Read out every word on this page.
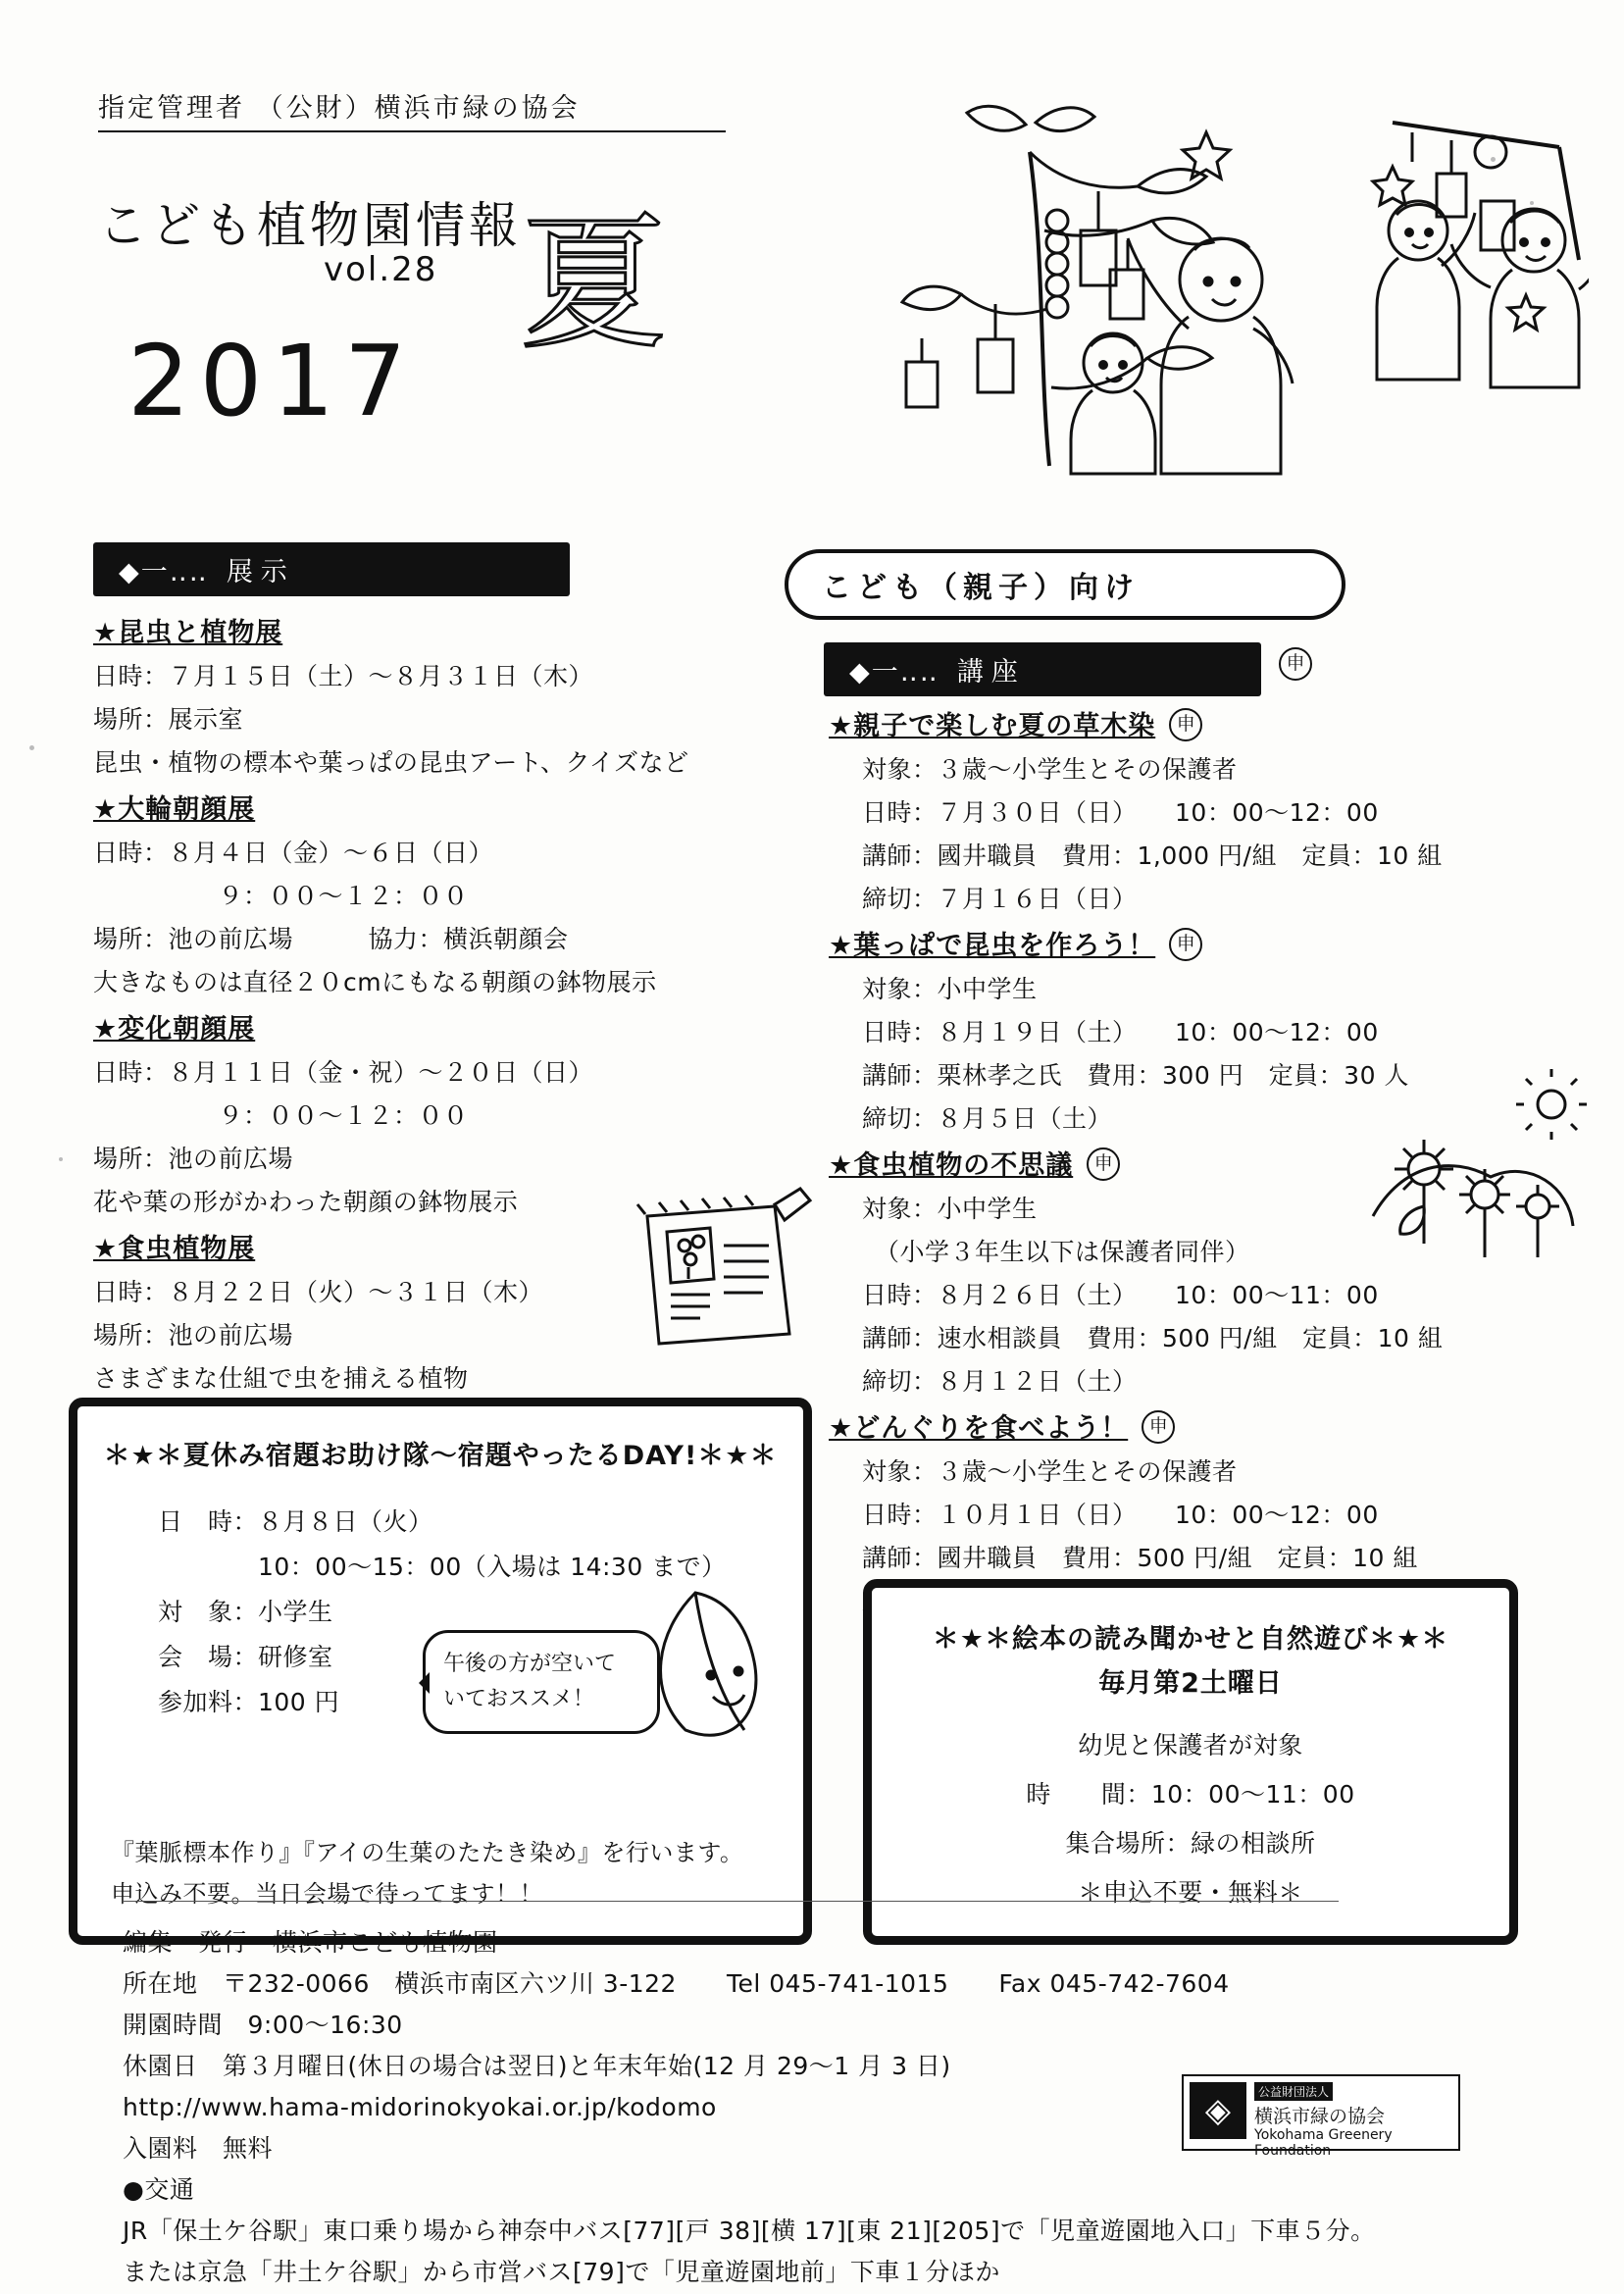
指定管理者 （公財）横浜市緑の協会
こども植物園情報
vol.28
2017
夏
◆一‥‥ 展示
★昆虫と植物展
日時：７月１５日（土）〜８月３１日（木）
場所：展示室
昆虫・植物の標本や葉っぱの昆虫アート、クイズなど
★大輪朝顔展
日時：８月４日（金）〜６日（日）
　　　　　９：００〜１２：００
場所：池の前広場　　　協力：横浜朝顔会
大きなものは直径２０cmにもなる朝顔の鉢物展示
★変化朝顔展
日時：８月１１日（金・祝）〜２０日（日）
　　　　　９：００〜１２：００
場所：池の前広場
花や葉の形がかわった朝顔の鉢物展示
★食虫植物展
日時：８月２２日（火）〜３１日（木）
場所：池の前広場
さまざまな仕組で虫を捕える植物
＊★＊夏休み宿題お助け隊〜宿題やったるDAY!＊★＊
日　時：８月８日（火）
　　　　10：00〜15：00（入場は 14:30 まで）
対　象：小学生
会　場：研修室
参加料：100 円
『葉脈標本作り』『アイの生葉のたたき染め』を行います。
申込み不要。当日会場で待ってます！！
午後の方が空いて
いておススメ！
こども（親子）向け
◆一‥‥ 講座	申
★親子で楽しむ夏の草木染	申
対象：３歳〜小学生とその保護者
日時：７月３０日（日）　　10：00〜12：00
講師：國井職員　費用：1,000 円/組　定員：10 組
締切：７月１６日（日）
★葉っぱで昆虫を作ろう！	申
対象：小中学生
日時：８月１９日（土）　　10：00〜12：00
講師：栗林孝之氏　費用：300 円　定員：30 人
締切：８月５日（土）
★食虫植物の不思議	申
対象：小中学生
　（小学３年生以下は保護者同伴）
日時：８月２６日（土）　　10：00〜11：00
講師：速水相談員　費用：500 円/組　定員：10 組
締切：８月１２日（土）
★どんぐりを食べよう！	申
対象：３歳〜小学生とその保護者
日時：１０月１日（日）　　10：00〜12：00
講師：國井職員　費用：500 円/組　定員：10 組
＊★＊絵本の読み聞かせと自然遊び＊★＊
毎月第2土曜日
幼児と保護者が対象
時　　間：10：00〜11：00
集合場所：緑の相談所
＊申込不要・無料＊
編集・発行　横浜市こども植物園
所在地　〒232-0066　横浜市南区六ツ川 3-122　　Tel 045-741-1015　　Fax 045-742-7604
開園時間　9:00〜16:30
休園日　第３月曜日(休日の場合は翌日)と年末年始(12 月 29〜1 月 3 日)
http://www.hama-midorinokyokai.or.jp/kodomo
入園料　無料
●交通
JR「保土ケ谷駅」東口乗り場から神奈中バス[77][戸 38][横 17][東 21][205]で「児童遊園地入口」下車５分。
または京急「井土ケ谷駅」から市営バス[79]で「児童遊園地前」下車１分ほか
◈	公益財団法人
横浜市緑の協会
Yokohama Greenery Foundation
